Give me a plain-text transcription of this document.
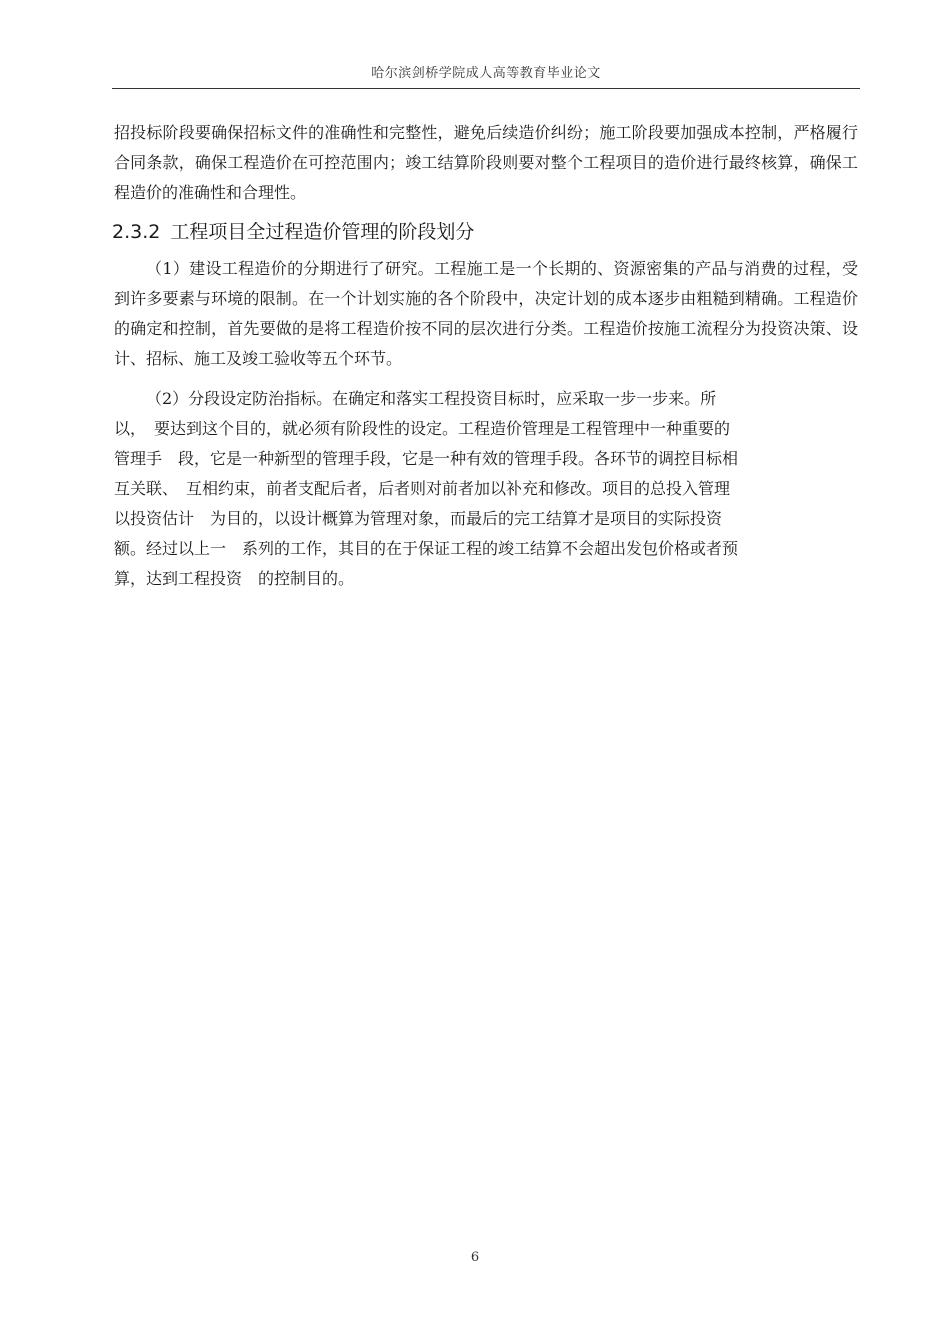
哈尔滨剑桥学院成人高等教育毕业论文

招投标阶段要确保招标文件的准确性和完整性，避免后续造价纠纷；施工阶段要加强成本控制，严格履行合同条款，确保工程造价在可控范围内；竣工结算阶段则要对整个工程项目的造价进行最终核算，确保工程造价的准确性和合理性。

2.3.2 工程项目全过程造价管理的阶段划分

（1）建设工程造价的分期进行了研究。工程施工是一个长期的、资源密集的产品与消费的过程，受到许多要素与环境的限制。在一个计划实施的各个阶段中，决定计划的成本逐步由粗糙到精确。工程造价的确定和控制，首先要做的是将工程造价按不同的层次进行分类。工程造价按施工流程分为投资决策、设计、招标、施工及竣工验收等五个环节。

（2）分段设定防治指标。在确定和落实工程投资目标时，应采取一步一步来。所
以，　要达到这个目的，就必须有阶段性的设定。工程造价管理是工程管理中一种重要的
管理手　段，它是一种新型的管理手段，它是一种有效的管理手段。各环节的调控目标相
互关联、　互相约束，前者支配后者，后者则对前者加以补充和修改。项目的总投入管理
以投资估计　为目的，以设计概算为管理对象，而最后的完工结算才是项目的实际投资
额。经过以上一　系列的工作，其目的在于保证工程的竣工结算不会超出发包价格或者预
算，达到工程投资　的控制目的。

6
